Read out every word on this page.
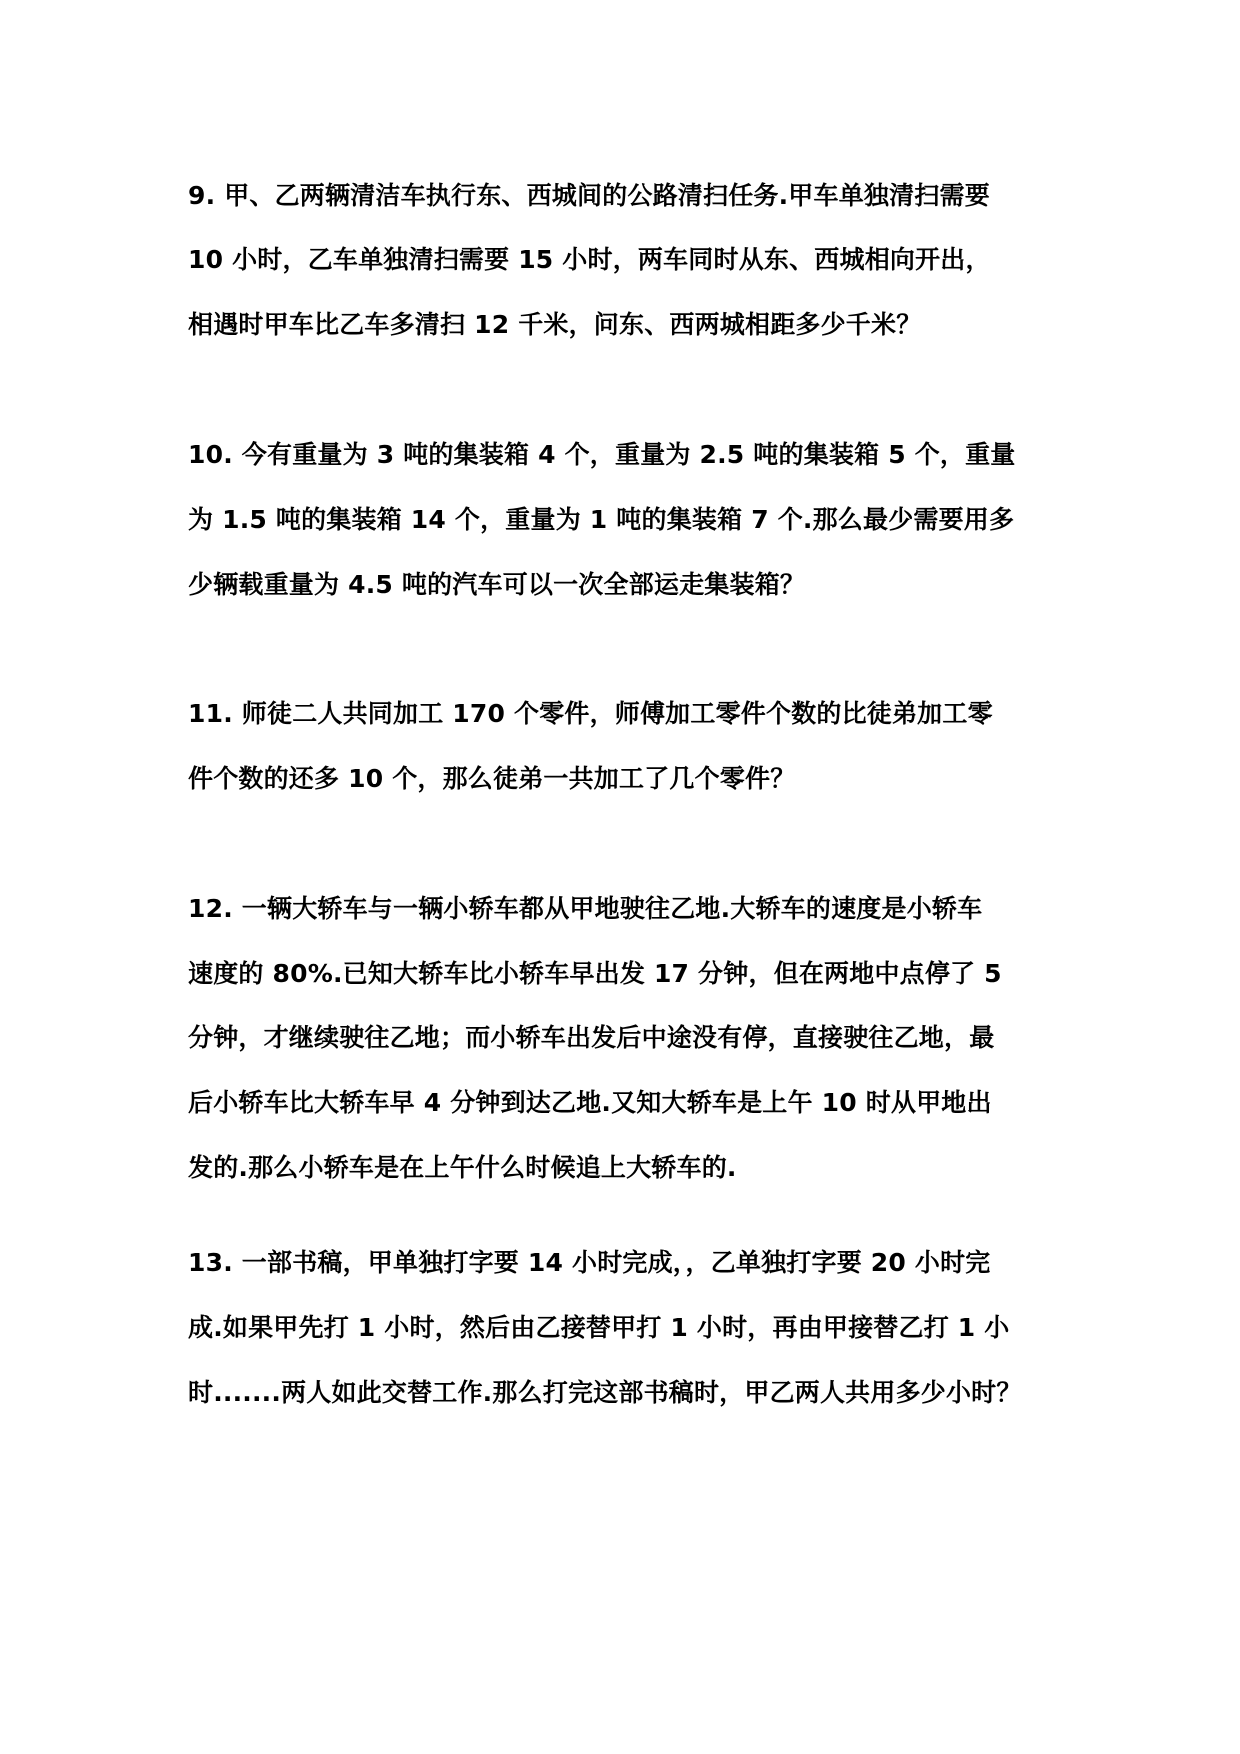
9. 甲、乙两辆清洁车执行东、西城间的公路清扫任务.甲车单独清扫需要
10 小时，乙车单独清扫需要 15 小时，两车同时从东、西城相向开出，
相遇时甲车比乙车多清扫 12 千米，问东、西两城相距多少千米？
10. 今有重量为 3 吨的集装箱 4 个，重量为 2.5 吨的集装箱 5 个，重量
为 1.5 吨的集装箱 14 个，重量为 1 吨的集装箱 7 个.那么最少需要用多
少辆载重量为 4.5 吨的汽车可以一次全部运走集装箱？
11. 师徒二人共同加工 170 个零件，师傅加工零件个数的比徒弟加工零
件个数的还多 10 个，那么徒弟一共加工了几个零件？
12. 一辆大轿车与一辆小轿车都从甲地驶往乙地.大轿车的速度是小轿车
速度的 80%.已知大轿车比小轿车早出发 17 分钟，但在两地中点停了 5
分钟，才继续驶往乙地；而小轿车出发后中途没有停，直接驶往乙地，最
后小轿车比大轿车早 4 分钟到达乙地.又知大轿车是上午 10 时从甲地出
发的.那么小轿车是在上午什么时候追上大轿车的.
13. 一部书稿，甲单独打字要 14 小时完成，，乙单独打字要 20 小时完
成.如果甲先打 1 小时，然后由乙接替甲打 1 小时，再由甲接替乙打 1 小
时.......两人如此交替工作.那么打完这部书稿时，甲乙两人共用多少小时？
